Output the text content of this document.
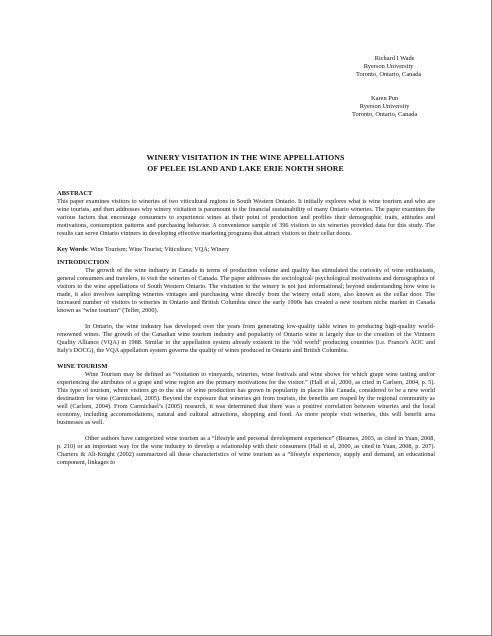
Richard I Wade
Ryerson University
Toronto, Ontario, Canada
Karen Pun
Ryerson University
Toronto, Ontario, Canada
WINERY VISITATION IN THE WINE APPELLATIONS
OF PELEE ISLAND AND LAKE ERIE NORTH SHORE

ABSTRACT

This paper examines visitors to wineries of two viticultural regions in South Western Ontario. It initially explores what is wine tourism and who are wine tourists, and then addresses why winery visitation is paramount to the financial sustainability of many Ontario wineries. The paper examines the various factors that encourage consumers to experience wines at their point of production and profiles their demographic traits, attitudes and motivations, consumption patterns and purchasing behavior. A convenience sample of 396 visitors to six wineries provided data for this study. The results can serve Ontario vintners in developing effective marketing programs that attract visitors to their cellar doors.

Key Words: Wine Tourism; Wine Tourist; Viticulture; VQA; Winery

INTRODUCTION

The growth of the wine industry in Canada in terms of production volume and quality has stimulated the curiosity of wine enthusiasts, general consumers and travelers, to visit the wineries of Canada. The paper addresses the sociological/ psychological motivations and demographics of visitors to the wine appellations of South Western Ontario. The visitation to the winery is not just informational; beyond understanding how wine is made, it also involves sampling wineries vintages and purchasing wine directly from the winery retail store, also known as the cellar door. The increased number of visitors to wineries in Ontario and British Columbia since the early 1990s has created a new tourism niche market in Canada known as “wine tourism” (Telfer, 2000).

In Ontario, the wine industry has developed over the years from generating low-quality table wines to producing high-quality world-renowned wines. The growth of the Canadian wine tourism industry and popularity of Ontario wine is largely due to the creation of the Vintners Quality Alliance (VQA) in 1988. Similar to the appellation system already existent in the ‘old world’ producing countries (i.e. France's AOC and Italy's DOCG), the VQA appellation system governs the quality of wines produced in Ontario and British Columbia.

WINE TOURISM

Wine Tourism may be defined as “visitation to vineyards, wineries, wine festivals and wine shows for which grape wine tasting and/or experiencing the attributes of a grape and wine region are the primary motivations for the visitor.” (Hall et al, 2000, as cited in Carlsen, 2004, p. 5). This type of tourism, where visitors go to the site of wine production has grown in popularity in places like Canada, considered to be a new world destination for wine (Carmichael, 2005). Beyond the exposure that wineries get from tourists, the benefits are reaped by the regional community as well (Carlsen, 2004). From Carmichael’s (2005) research, it was determined that there was a positive correlation between wineries and the local economy, including accommodations, natural and cultural attractions, shopping and food. As more people visit wineries, this will benefit area businesses as well.

Other authors have categorized wine tourism as a “lifestyle and personal development experience” (Beames, 2003, as cited in Yuan, 2008, p. 210) or an important way for the wine industry to develop a relationship with their consumers (Hall et al, 2000, as cited in Yuan, 2008, p. 207). Charters & Ali-Knight (2002) summarized all these characteristics of wine tourism as a “lifestyle experience, supply and demand, an educational component, linkages to
